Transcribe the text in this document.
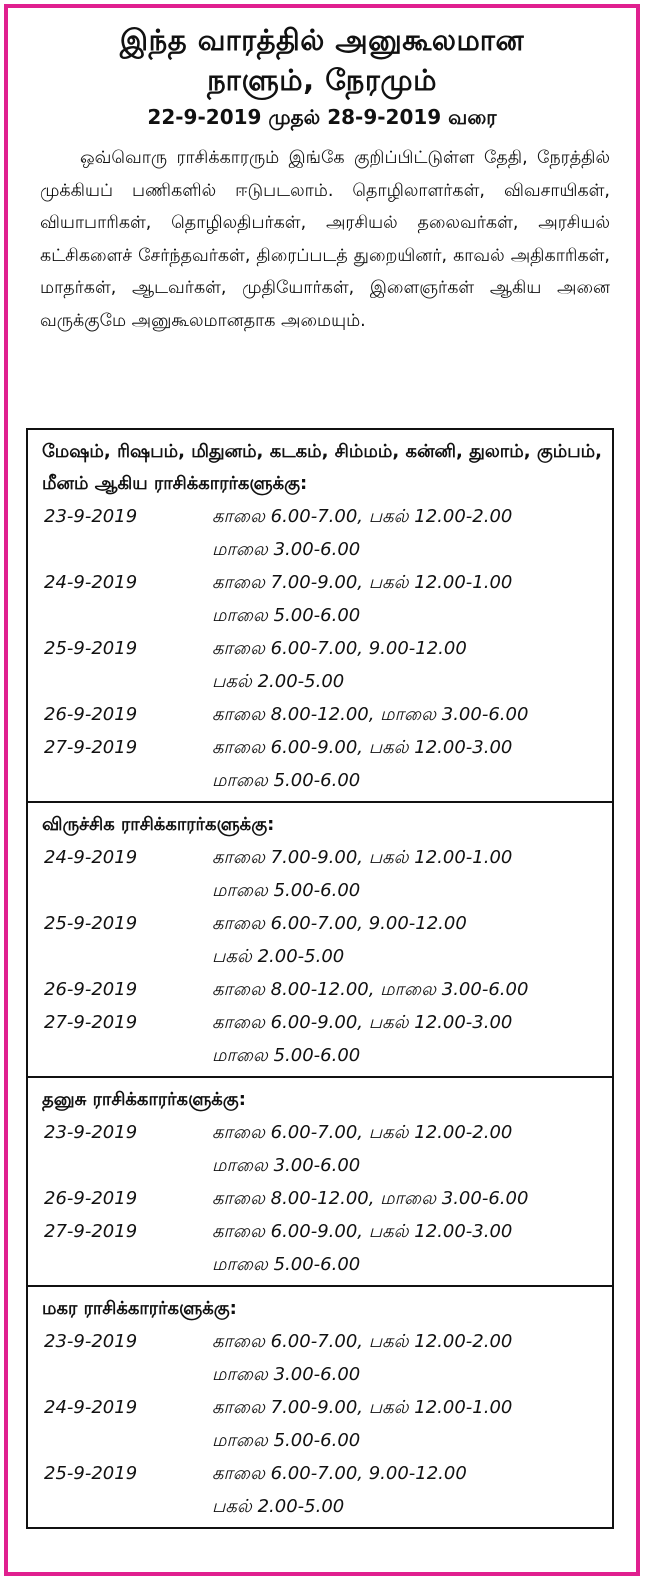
இந்த வாரத்தில் அனுகூலமான
நாளும், நேரமும்
22-9-2019 முதல் 28-9-2019 வரை
ஒவ்வொரு ராசிக்காரரும் இங்கே குறிப்பிட்டுள்ள தேதி, நேரத்தில் முக்கியப் பணிகளில் ஈடுபடலாம். தொழிலாளர்கள், விவசாயிகள், வியாபாரிகள், தொழிலதிபர்கள், அரசியல் தலைவர்கள், அரசியல் கட்சிகளைச் சேர்ந்தவர்கள், திரைப்படத் துறையினர், காவல் அதிகாரிகள், மாதர்கள், ஆடவர்கள், முதியோர்கள், இளைஞர்கள் ஆகிய அனை வருக்குமே அனுகூலமானதாக அமையும்.
மேஷம், ரிஷபம், மிதுனம், கடகம், சிம்மம், கன்னி, துலாம், கும்பம், மீனம் ஆகிய ராசிக்காரர்களுக்கு:
23-9-2019	காலை 6.00-7.00, பகல் 12.00-2.00
மாலை 3.00-6.00
24-9-2019	காலை 7.00-9.00, பகல் 12.00-1.00
மாலை 5.00-6.00
25-9-2019	காலை 6.00-7.00, 9.00-12.00
பகல் 2.00-5.00
26-9-2019	காலை 8.00-12.00, மாலை 3.00-6.00
27-9-2019	காலை 6.00-9.00, பகல் 12.00-3.00
மாலை 5.00-6.00
விருச்சிக ராசிக்காரர்களுக்கு:
24-9-2019	காலை 7.00-9.00, பகல் 12.00-1.00
மாலை 5.00-6.00
25-9-2019	காலை 6.00-7.00, 9.00-12.00
பகல் 2.00-5.00
26-9-2019	காலை 8.00-12.00, மாலை 3.00-6.00
27-9-2019	காலை 6.00-9.00, பகல் 12.00-3.00
மாலை 5.00-6.00
தனுசு ராசிக்காரர்களுக்கு:
23-9-2019	காலை 6.00-7.00, பகல் 12.00-2.00
மாலை 3.00-6.00
26-9-2019	காலை 8.00-12.00, மாலை 3.00-6.00
27-9-2019	காலை 6.00-9.00, பகல் 12.00-3.00
மாலை 5.00-6.00
மகர ராசிக்காரர்களுக்கு:
23-9-2019	காலை 6.00-7.00, பகல் 12.00-2.00
மாலை 3.00-6.00
24-9-2019	காலை 7.00-9.00, பகல் 12.00-1.00
மாலை 5.00-6.00
25-9-2019	காலை 6.00-7.00, 9.00-12.00
பகல் 2.00-5.00
